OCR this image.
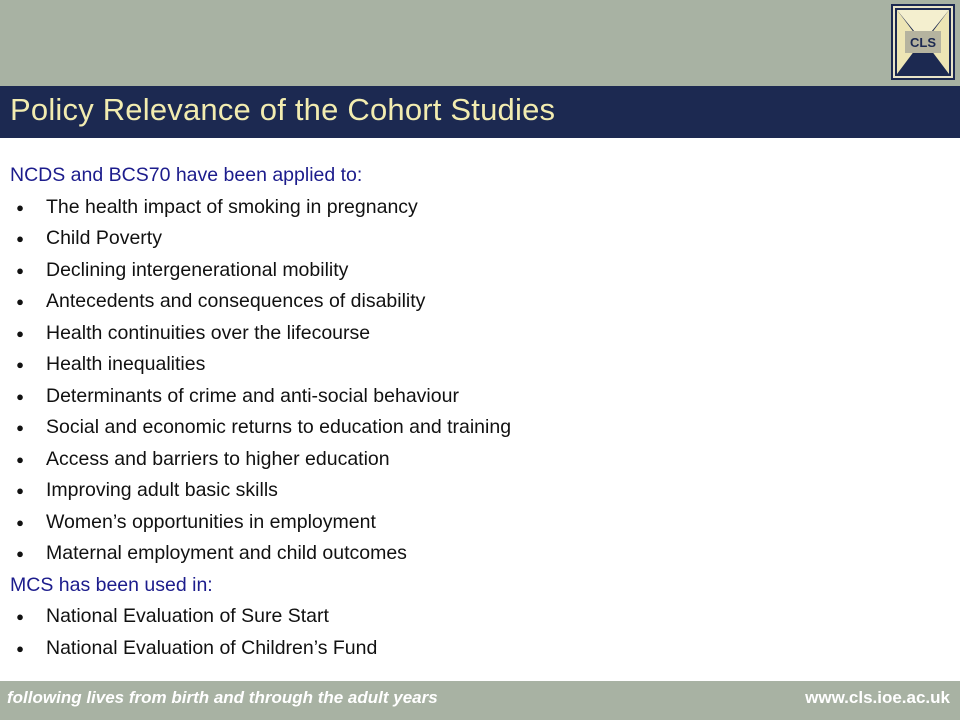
CLS
Policy Relevance of the Cohort Studies
NCDS and BCS70 have been applied to:
●	The health impact of smoking in pregnancy
●	Child Poverty
●	Declining intergenerational mobility
●	Antecedents and consequences of disability
●	Health continuities over the lifecourse
●	Health inequalities
●	Determinants of crime and anti-social behaviour
●	Social and economic returns to education and training
●	Access and barriers to higher education
●	Improving adult basic skills
●	Women’s opportunities in employment
●	Maternal employment and child outcomes
MCS has been used in:
●	National Evaluation of Sure Start
●	National Evaluation of Children’s Fund
following lives from birth and through the adult years	www.cls.ioe.ac.uk
